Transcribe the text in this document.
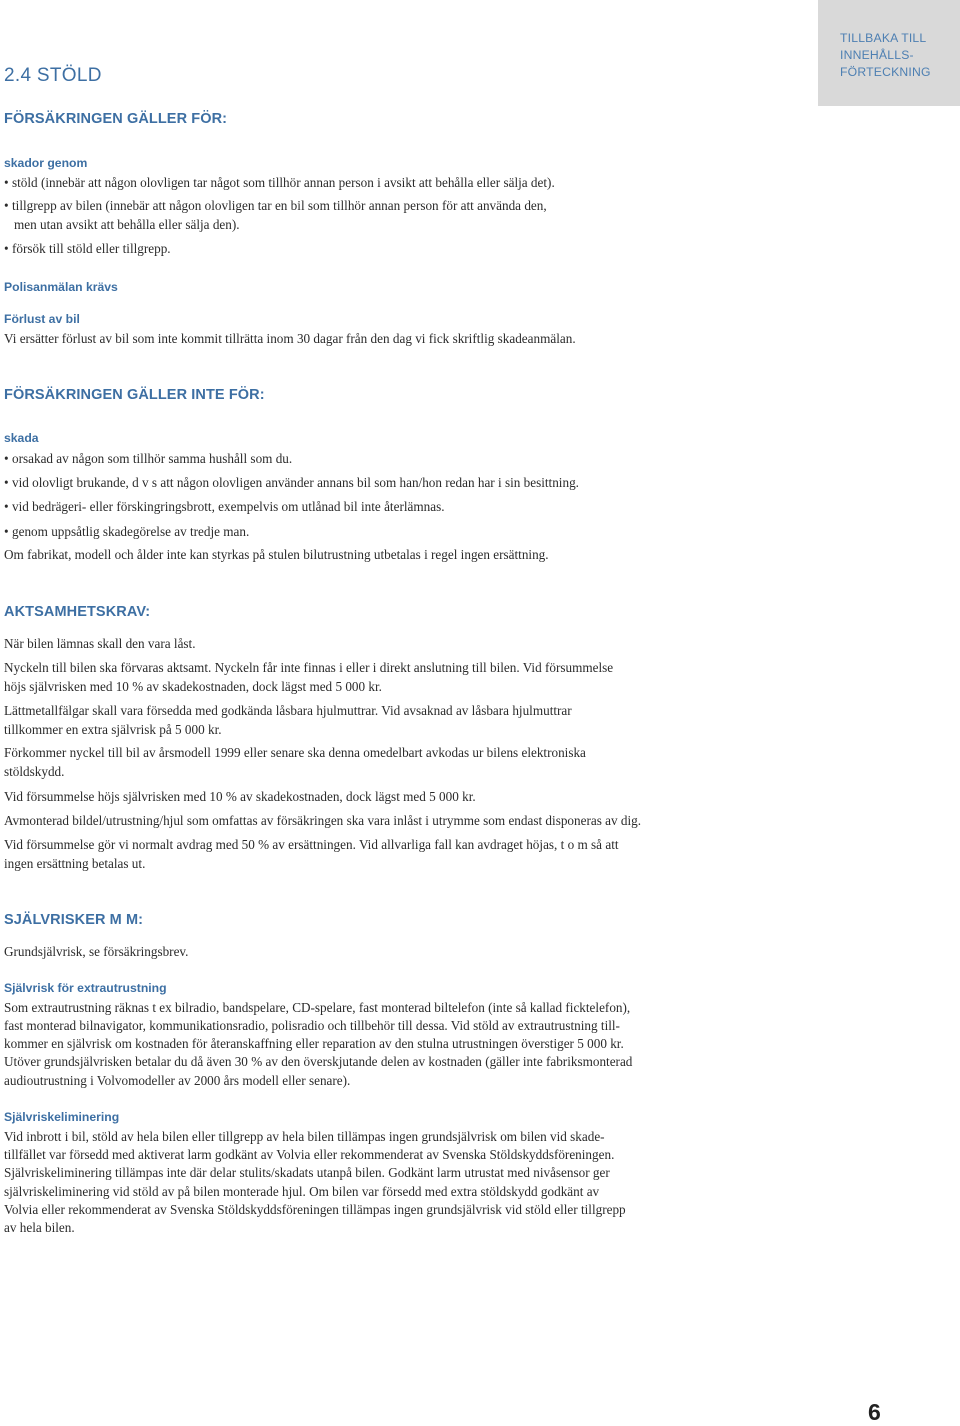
2.4 STÖLD
TILLBAKA TILL
INNEHÅLLS-
FÖRTECKNING
FÖRSÄKRINGEN GÄLLER FÖR:
skador genom
• stöld (innebär att någon olovligen tar något som tillhör annan person i avsikt att behålla eller sälja det).
• tillgrepp av bilen (innebär att någon olovligen tar en bil som tillhör annan person för att använda den,
men utan avsikt att behålla eller sälja den).
• försök till stöld eller tillgrepp.
Polisanmälan krävs
Förlust av bil
Vi ersätter förlust av bil som inte kommit tillrätta inom 30 dagar från den dag vi fick skriftlig skadeanmälan.
FÖRSÄKRINGEN GÄLLER INTE FÖR:
skada
• orsakad av någon som tillhör samma hushåll som du.
• vid olovligt brukande, d v s att någon olovligen använder annans bil som han/hon redan har i sin besittning.
• vid bedrägeri- eller förskingringsbrott, exempelvis om utlånad bil inte återlämnas.
• genom uppsåtlig skadegörelse av tredje man.
Om fabrikat, modell och ålder inte kan styrkas på stulen bilutrustning utbetalas i regel ingen ersättning.
AKTSAMHETSKRAV:
När bilen lämnas skall den vara låst.
Nyckeln till bilen ska förvaras aktsamt. Nyckeln får inte finnas i eller i direkt anslutning till bilen. Vid försummelse
höjs självrisken med 10 % av skadekostnaden, dock lägst med 5 000 kr.
Lättmetallfälgar skall vara försedda med godkända låsbara hjulmuttrar. Vid avsaknad av låsbara hjulmuttrar
tillkommer en extra självrisk på 5 000 kr.
Förkommer nyckel till bil av årsmodell 1999 eller senare ska denna omedelbart avkodas ur bilens elektroniska
stöldskydd.
Vid försummelse höjs självrisken med 10 % av skadekostnaden, dock lägst med 5 000 kr.
Avmonterad bildel/utrustning/hjul som omfattas av försäkringen ska vara inlåst i utrymme som endast disponeras av dig.
Vid försummelse gör vi normalt avdrag med 50 % av ersättningen. Vid allvarliga fall kan avdraget höjas, t o m så att
ingen ersättning betalas ut.
SJÄLVRISKER M M:
Grundsjälvrisk, se försäkringsbrev.
Självrisk för extrautrustning
Som extrautrustning räknas t ex bilradio, bandspelare, CD-spelare, fast monterad biltelefon (inte så kallad ficktelefon),
fast monterad bilnavigator, kommunikationsradio, polisradio och tillbehör till dessa. Vid stöld av extrautrustning till-
kommer en självrisk om kostnaden för återanskaffning eller reparation av den stulna utrustningen överstiger 5 000 kr.
Utöver grundsjälvrisken betalar du då även 30 % av den överskjutande delen av kostnaden (gäller inte fabriksmonterad
audioutrustning i Volvomodeller av 2000 års modell eller senare).
Självriskeliminering
Vid inbrott i bil, stöld av hela bilen eller tillgrepp av hela bilen tillämpas ingen grundsjälvrisk om bilen vid skade-
tillfället var försedd med aktiverat larm godkänt av Volvia eller rekommenderat av Svenska Stöldskyddsföreningen.
Självriskeliminering tillämpas inte där delar stulits/skadats utanpå bilen. Godkänt larm utrustat med nivåsensor ger
självriskeliminering vid stöld av på bilen monterade hjul. Om bilen var försedd med extra stöldskydd godkänt av
Volvia eller rekommenderat av Svenska Stöldskyddsföreningen tillämpas ingen grundsjälvrisk vid stöld eller tillgrepp
av hela bilen.
6
